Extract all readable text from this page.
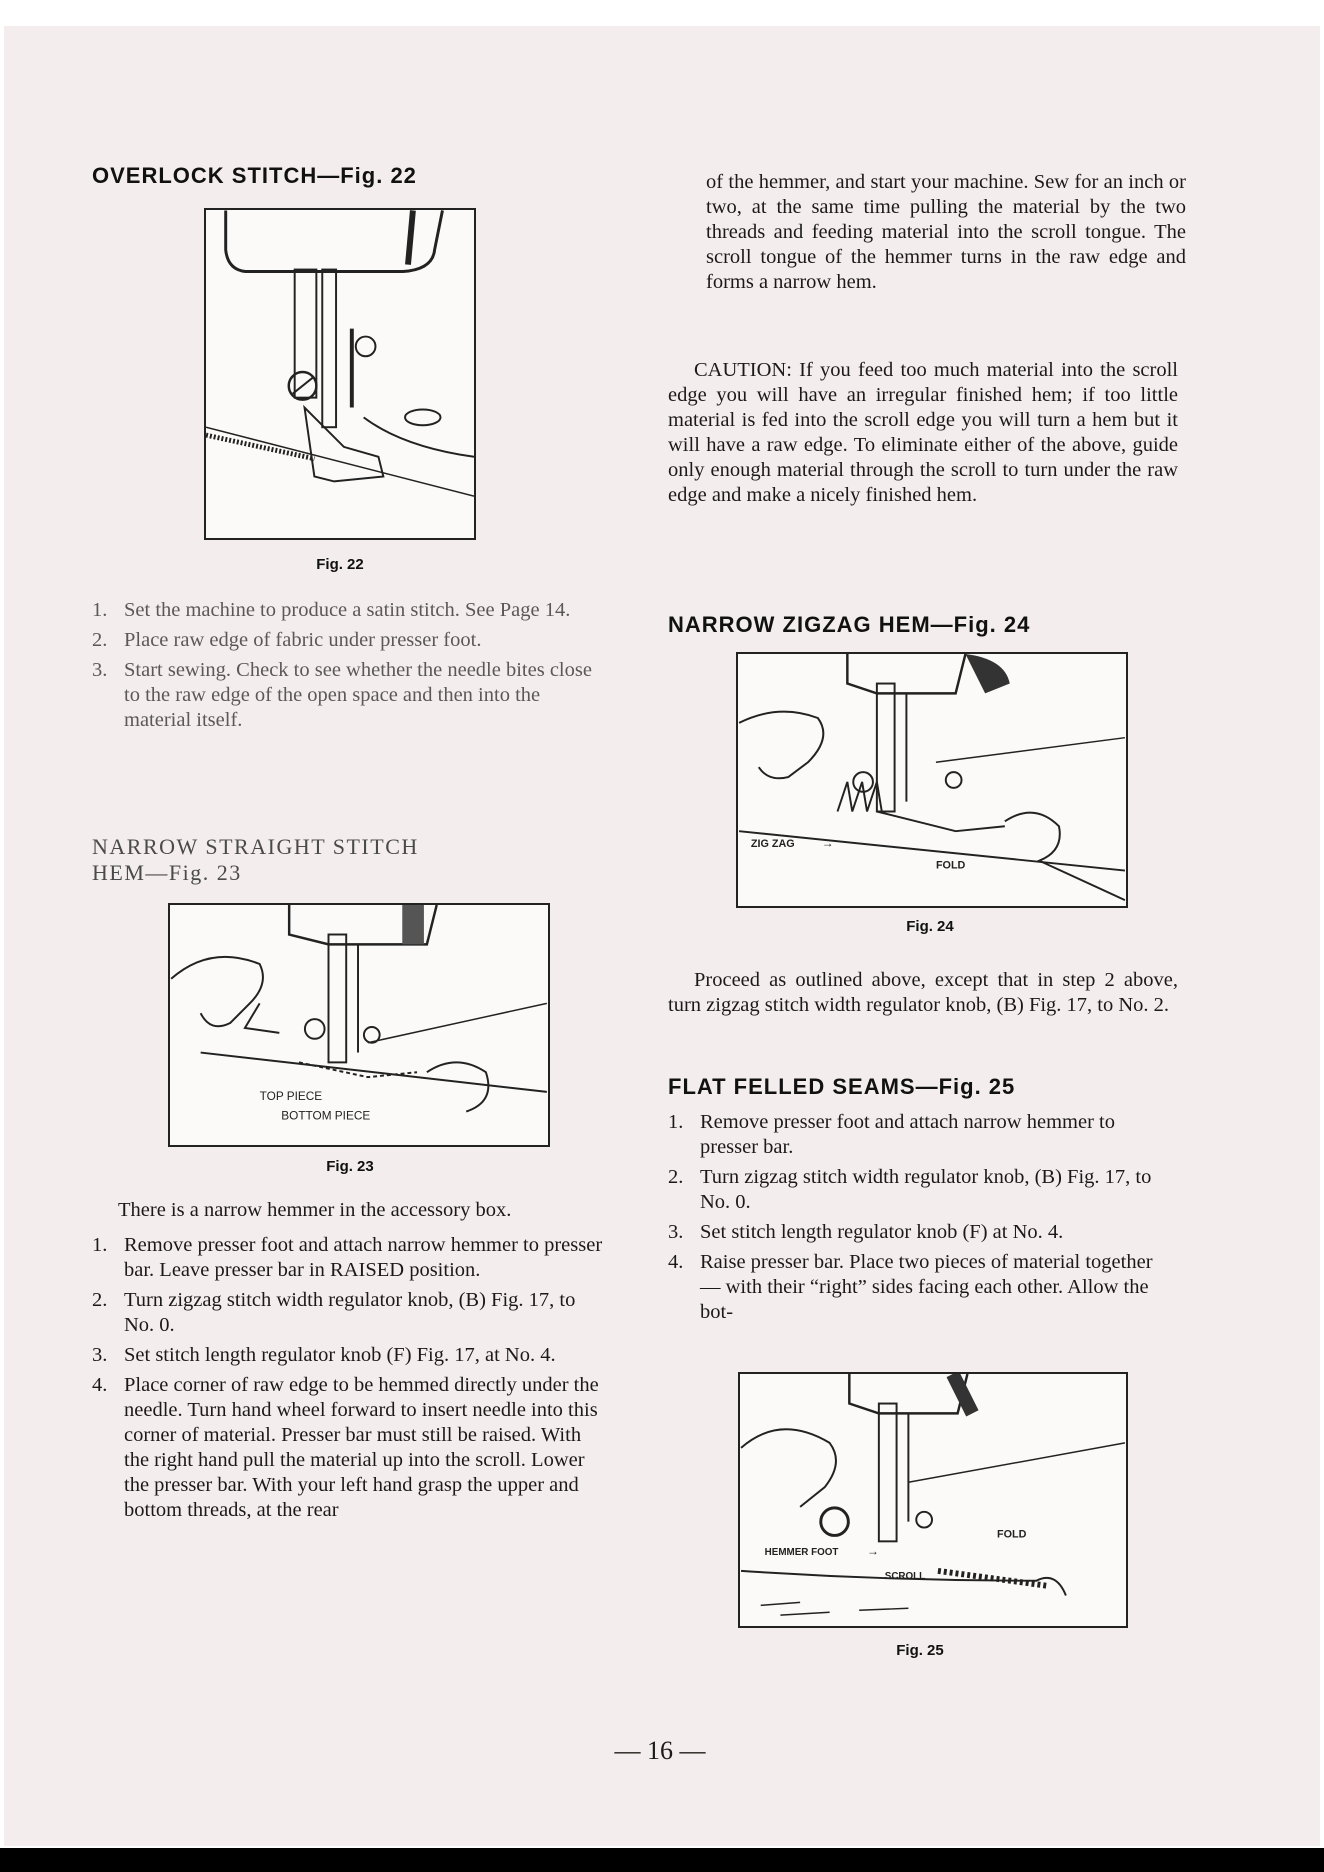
OVERLOCK STITCH—Fig. 22
Fig. 22
1. Set the machine to produce a satin stitch. See Page 14.
2. Place raw edge of fabric under presser foot.
3. Start sewing. Check to see whether the needle bites close to the raw edge of the open space and then into the material itself.
NARROW STRAIGHT STITCH
HEM—Fig. 23
TOP PIECE
BOTTOM PIECE
Fig. 23

There is a narrow hemmer in the accessory box.

1. Remove presser foot and attach narrow hemmer to presser bar. Leave presser bar in RAISED position.
2. Turn zigzag stitch width regulator knob, (B) Fig. 17, to No. 0.
3. Set stitch length regulator knob (F) Fig. 17, at No. 4.
4. Place corner of raw edge to be hemmed directly under the needle. Turn hand wheel forward to insert needle into this corner of material. Presser bar must still be raised. With the right hand pull the material up into the scroll. Lower the presser bar. With your left hand grasp the upper and bottom threads, at the rear

of the hemmer, and start your machine. Sew for an inch or two, at the same time pulling the material by the two threads and feeding material into the scroll tongue. The scroll tongue of the hemmer turns in the raw edge and forms a narrow hem.

CAUTION: If you feed too much material into the scroll edge you will have an irregular finished hem; if too little material is fed into the scroll edge you will turn a hem but it will have a raw edge. To eliminate either of the above, guide only enough material through the scroll to turn under the raw edge and make a nicely finished hem.

NARROW ZIGZAG HEM—Fig. 24
ZIG ZAG →
FOLD
Fig. 24

Proceed as outlined above, except that in step 2 above, turn zigzag stitch width regulator knob, (B) Fig. 17, to No. 2.

FLAT FELLED SEAMS—Fig. 25
1. Remove presser foot and attach narrow hemmer to presser bar.
2. Turn zigzag stitch width regulator knob, (B) Fig. 17, to No. 0.
3. Set stitch length regulator knob (F) at No. 4.
4. Raise presser bar. Place two pieces of material together — with their “right” sides facing each other. Allow the bot-
HEMMER FOOT →
FOLD
SCROLL
Fig. 25
— 16 —
